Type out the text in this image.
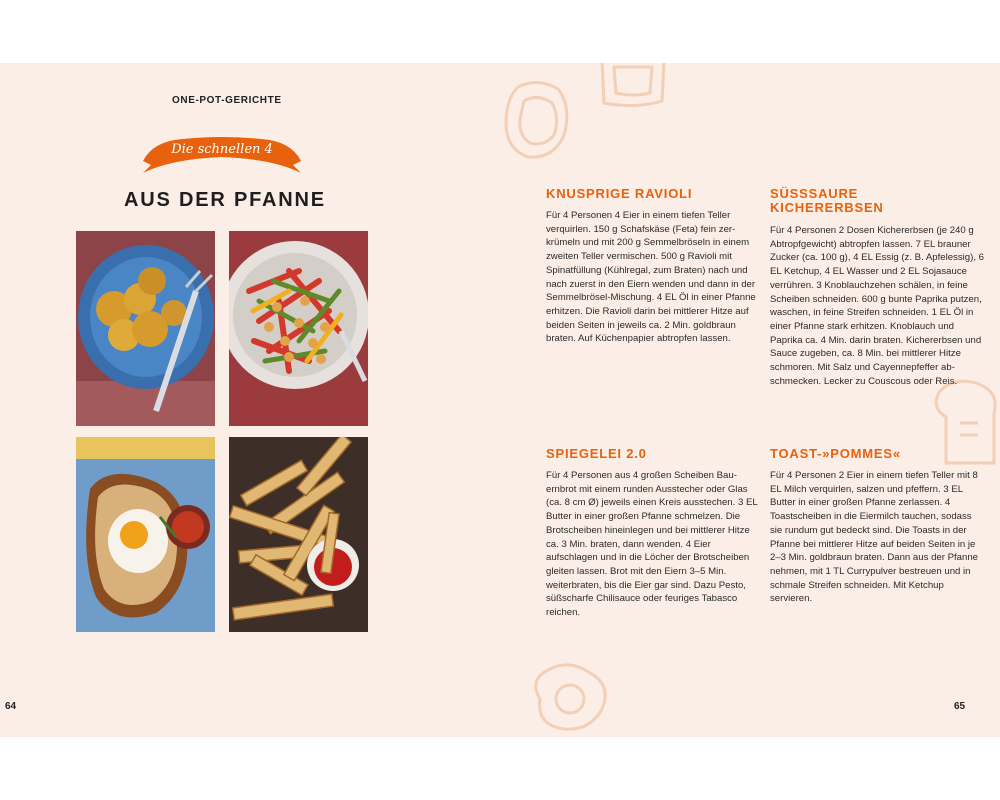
ONE-POT-GERICHTE
Die schnellen 4
AUS DER PFANNE	KNUSPRIGE RAVIOLI

Für 4 Personen 4 Eier in einem tiefen Teller verquirlen. 150 g Schafskäse (Feta) fein zerkrümeln und mit 200 g Semmelbröseln in einem zweiten Teller vermischen. 500 g Ravioli mit Spinatfüllung (Kühlregal, zum Braten) nach und nach zuerst in den Eiern wenden und dann in der Semmelbrösel-Mischung. 4 EL Öl in einer Pfanne erhitzen. Die Ravioli darin bei mittlerer Hitze auf beiden Seiten in jeweils ca. 2 Min. goldbraun braten. Auf Küchenpapier abtropfen lassen.

SÜSSSAURE KICHERERBSEN

Für 4 Personen 2 Dosen Kichererbsen (je 240 g Abtropfgewicht) abtropfen lassen. 7 EL brauner Zucker (ca. 100 g), 4 EL Essig (z. B. Apfelessig), 6 EL Ketchup, 4 EL Wasser und 2 EL Sojasauce verrühren. 3 Knoblauchzehen schälen, in feine Scheiben schneiden. 600 g bunte Paprika putzen, waschen, in feine Streifen schneiden. 1 EL Öl in einer Pfanne stark erhitzen. Knoblauch und Paprika ca. 4 Min. darin braten. Kichererbsen und Sauce zugeben, ca. 8 Min. bei mittlerer Hitze schmoren. Mit Salz und Cayennepfeffer abschmecken. Lecker zu Couscous oder Reis.

SPIEGELEI 2.0

Für 4 Personen aus 4 großen Scheiben Bauernbrot mit einem runden Ausstecher oder Glas (ca. 8 cm Ø) jeweils einen Kreis ausstechen. 3 EL Butter in einer großen Pfanne schmelzen. Die Brotscheiben hineinlegen und bei mittlerer Hitze ca. 3 Min. braten, dann wenden. 4 Eier aufschlagen und in die Löcher der Brotscheiben gleiten lassen. Brot mit den Eiern 3–5 Min. weiterbraten, bis die Eier gar sind. Dazu Pesto, süßscharfe Chilisauce oder feuriges Tabasco reichen.

TOAST-»POMMES«

Für 4 Personen 2 Eier in einem tiefen Teller mit 8 EL Milch verquirlen, salzen und pfeffern. 3 EL Butter in einer großen Pfanne zerlassen. 4 Toastscheiben in die Eiermilch tauchen, sodass sie rundum gut bedeckt sind. Die Toasts in der Pfanne bei mittlerer Hitze auf beiden Seiten in je 2–3 Min. goldbraun braten. Dann aus der Pfanne nehmen, mit 1 TL Currypulver bestreuen und in schmale Streifen schneiden. Mit Ketchup servieren.

64	65
